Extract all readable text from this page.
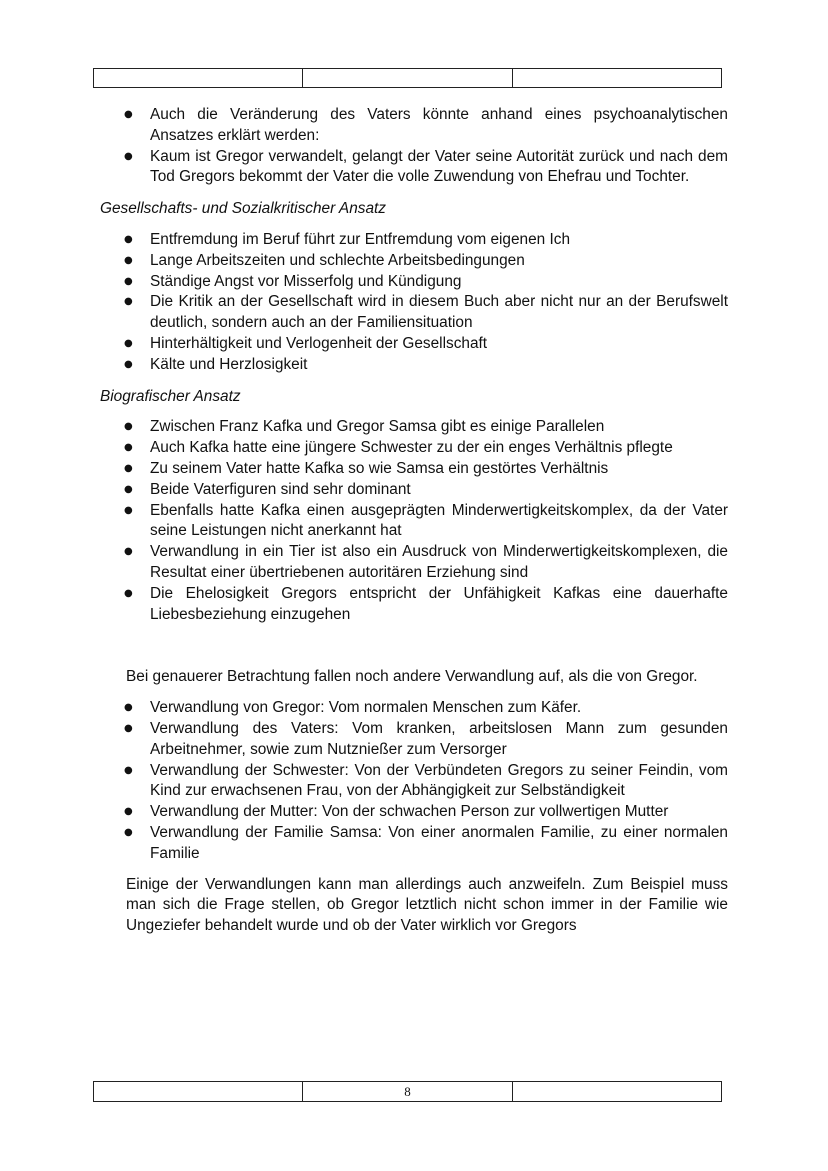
● Auch die Veränderung des Vaters könnte anhand eines psychoanalytischen Ansatzes erklärt werden:
● Kaum ist Gregor verwandelt, gelangt der Vater seine Autorität zurück und nach dem Tod Gregors bekommt der Vater die volle Zuwendung von Ehefrau und Tochter.
Gesellschafts- und Sozialkritischer Ansatz
● Entfremdung im Beruf führt zur Entfremdung vom eigenen Ich
● Lange Arbeitszeiten und schlechte Arbeitsbedingungen
● Ständige Angst vor Misserfolg und Kündigung
● Die Kritik an der Gesellschaft wird in diesem Buch aber nicht nur an der Berufswelt deutlich, sondern auch an der Familiensituation
● Hinterhältigkeit und Verlogenheit der Gesellschaft
● Kälte und Herzlosigkeit
Biografischer Ansatz
● Zwischen Franz Kafka und Gregor Samsa gibt es einige Parallelen
● Auch Kafka hatte eine jüngere Schwester zu der ein enges Verhältnis pflegte
● Zu seinem Vater hatte Kafka so wie Samsa ein gestörtes Verhältnis
● Beide Vaterfiguren sind sehr dominant
● Ebenfalls hatte Kafka einen ausgeprägten Minderwertigkeitskomplex, da der Vater seine Leistungen nicht anerkannt hat
● Verwandlung in ein Tier ist also ein Ausdruck von Minderwertigkeitskomplexen, die Resultat einer übertriebenen autoritären Erziehung sind
● Die Ehelosigkeit Gregors entspricht der Unfähigkeit Kafkas eine dauerhafte Liebesbeziehung einzugehen

Bei genauerer Betrachtung fallen noch andere Verwandlung auf, als die von Gregor.

● Verwandlung von Gregor: Vom normalen Menschen zum Käfer.
● Verwandlung des Vaters: Vom kranken, arbeitslosen Mann zum gesunden Arbeitnehmer, sowie zum Nutznießer zum Versorger
● Verwandlung der Schwester: Von der Verbündeten Gregors zu seiner Feindin, vom Kind zur erwachsenen Frau, von der Abhängigkeit zur Selbständigkeit
● Verwandlung der Mutter: Von der schwachen Person zur vollwertigen Mutter
● Verwandlung der Familie Samsa: Von einer anormalen Familie, zu einer normalen Familie

Einige der Verwandlungen kann man allerdings auch anzweifeln. Zum Beispiel muss man sich die Frage stellen, ob Gregor letztlich nicht schon immer in der Familie wie Ungeziefer behandelt wurde und ob der Vater wirklich vor Gregors

	8	
